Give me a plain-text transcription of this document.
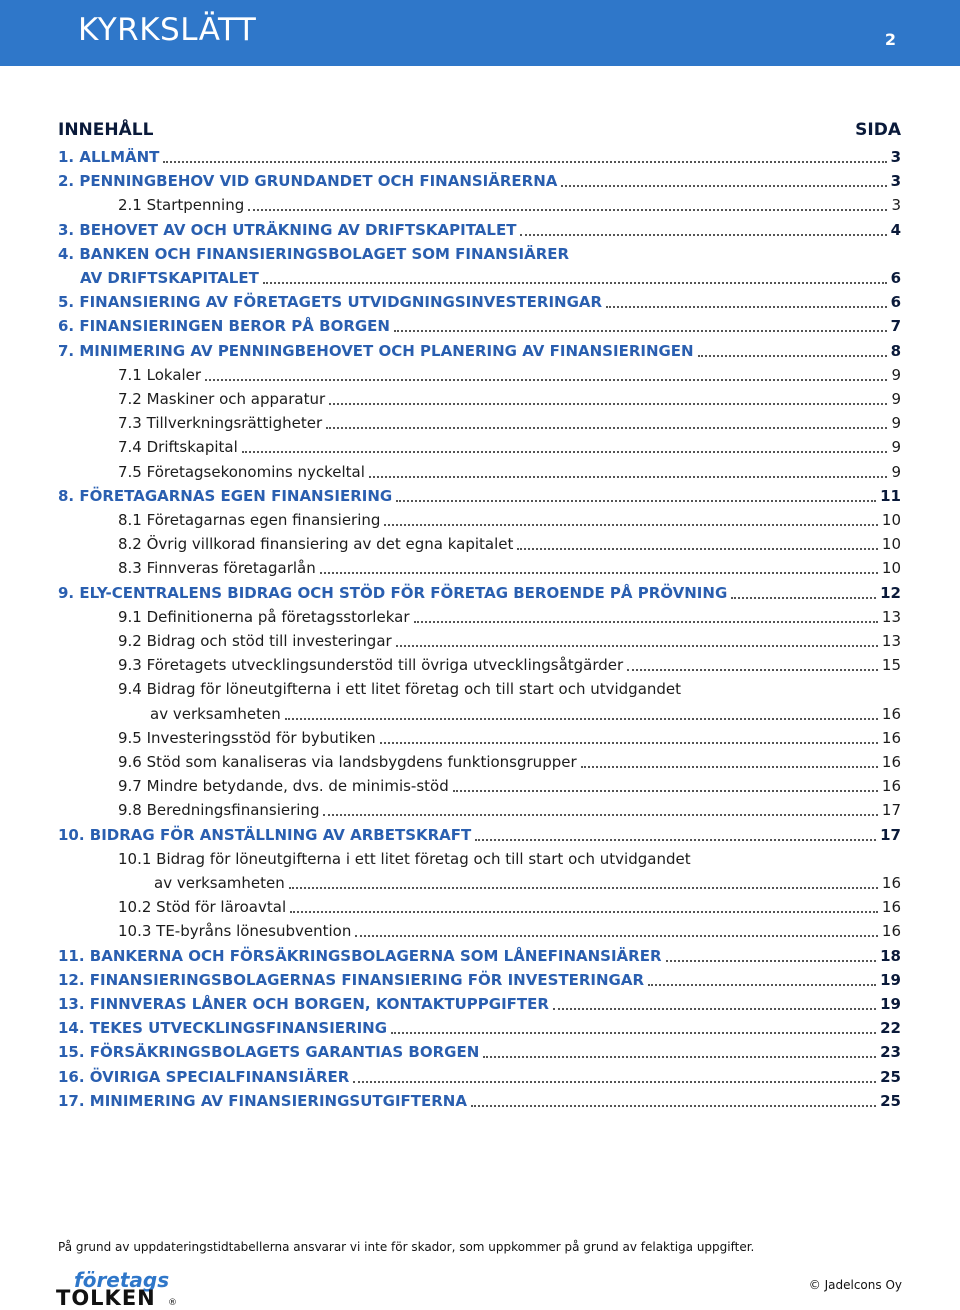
KYRKSLÄTT	2
INNEHÅLL	SIDA
1. ALLMÄNT	3
2. PENNINGBEHOV VID GRUNDANDET OCH FINANSIÄRERNA	3
2.1 Startpenning	3
3. BEHOVET AV OCH UTRÄKNING AV DRIFTSKAPITALET	4
4. BANKEN OCH FINANSIERINGSBOLAGET SOM FINANSIÄRER
AV DRIFTSKAPITALET	6
5. FINANSIERING AV FÖRETAGETS UTVIDGNINGSINVESTERINGAR	6
6. FINANSIERINGEN BEROR PÅ BORGEN	7
7. MINIMERING AV PENNINGBEHOVET OCH PLANERING AV FINANSIERINGEN	8
7.1 Lokaler	9
7.2 Maskiner och apparatur	9
7.3 Tillverkningsrättigheter	9
7.4 Driftskapital	9
7.5 Företagsekonomins nyckeltal	9
8. FÖRETAGARNAS EGEN FINANSIERING	11
8.1 Företagarnas egen finansiering	10
8.2 Övrig villkorad finansiering av det egna kapitalet	10
8.3 Finnveras företagarlån	10
9. ELY-CENTRALENS BIDRAG OCH STÖD FÖR FÖRETAG BEROENDE PÅ PRÖVNING	12
9.1 Definitionerna på företagsstorlekar	13
9.2 Bidrag och stöd till investeringar	13
9.3 Företagets utvecklingsunderstöd till övriga utvecklingsåtgärder	15
9.4 Bidrag för löneutgifterna i ett litet företag och till start och utvidgandet
av verksamheten	16
9.5 Investeringsstöd för bybutiken	16
9.6 Stöd som kanaliseras via landsbygdens funktionsgrupper	16
9.7 Mindre betydande, dvs. de minimis-stöd	16
9.8 Beredningsfinansiering	17
10. BIDRAG FÖR ANSTÄLLNING AV ARBETSKRAFT	17
10.1 Bidrag för löneutgifterna i ett litet företag och till start och utvidgandet
av verksamheten	16
10.2 Stöd för läroavtal	16
10.3 TE-byråns lönesubvention	16
11. BANKERNA OCH FÖRSÄKRINGSBOLAGERNA SOM LÅNEFINANSIÄRER	18
12. FINANSIERINGSBOLAGERNAS FINANSIERING FÖR INVESTERINGAR	19
13. FINNVERAS LÅNER OCH BORGEN, KONTAKTUPPGIFTER	19
14. TEKES UTVECKLINGSFINANSIERING	22
15. FÖRSÄKRINGSBOLAGETS GARANTIAS BORGEN	23
16. ÖVIRIGA SPECIALFINANSIÄRER	25
17. MINIMERING AV FINANSIERINGSUTGIFTERNA	25
På grund av uppdateringstidtabellerna ansvarar vi inte för skador, som uppkommer på grund av felaktiga uppgifter.
företags
TOLKEN ®
© Jadelcons Oy
